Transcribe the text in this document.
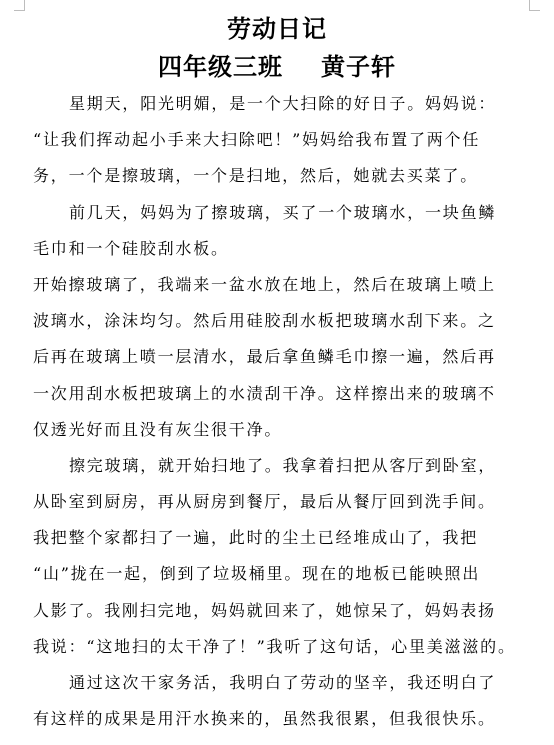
劳动日记
四年级三班 黄子轩
星期天，阳光明媚，是一个大扫除的好日子。妈妈说：
“让我们挥动起小手来大扫除吧！”妈妈给我布置了两个任
务，一个是擦玻璃，一个是扫地，然后，她就去买菜了。
前几天，妈妈为了擦玻璃，买了一个玻璃水，一块鱼鳞
毛巾和一个硅胶刮水板。
开始擦玻璃了，我端来一盆水放在地上，然后在玻璃上喷上
波璃水，涂沫均匀。然后用硅胶刮水板把玻璃水刮下来。之
后再在玻璃上喷一层清水，最后拿鱼鳞毛巾擦一遍，然后再
一次用刮水板把玻璃上的水渍刮干净。这样擦出来的玻璃不
仅透光好而且没有灰尘很干净。
擦完玻璃，就开始扫地了。我拿着扫把从客厅到卧室，
从卧室到厨房，再从厨房到餐厅，最后从餐厅回到洗手间。
我把整个家都扫了一遍，此时的尘土已经堆成山了，我把
“山”拢在一起，倒到了垃圾桶里。现在的地板已能映照出
人影了。我刚扫完地，妈妈就回来了，她惊呆了，妈妈表扬
我说：“这地扫的太干净了！”我听了这句话，心里美滋滋的。
通过这次干家务活，我明白了劳动的坚辛，我还明白了
有这样的成果是用汗水换来的，虽然我很累，但我很快乐。
